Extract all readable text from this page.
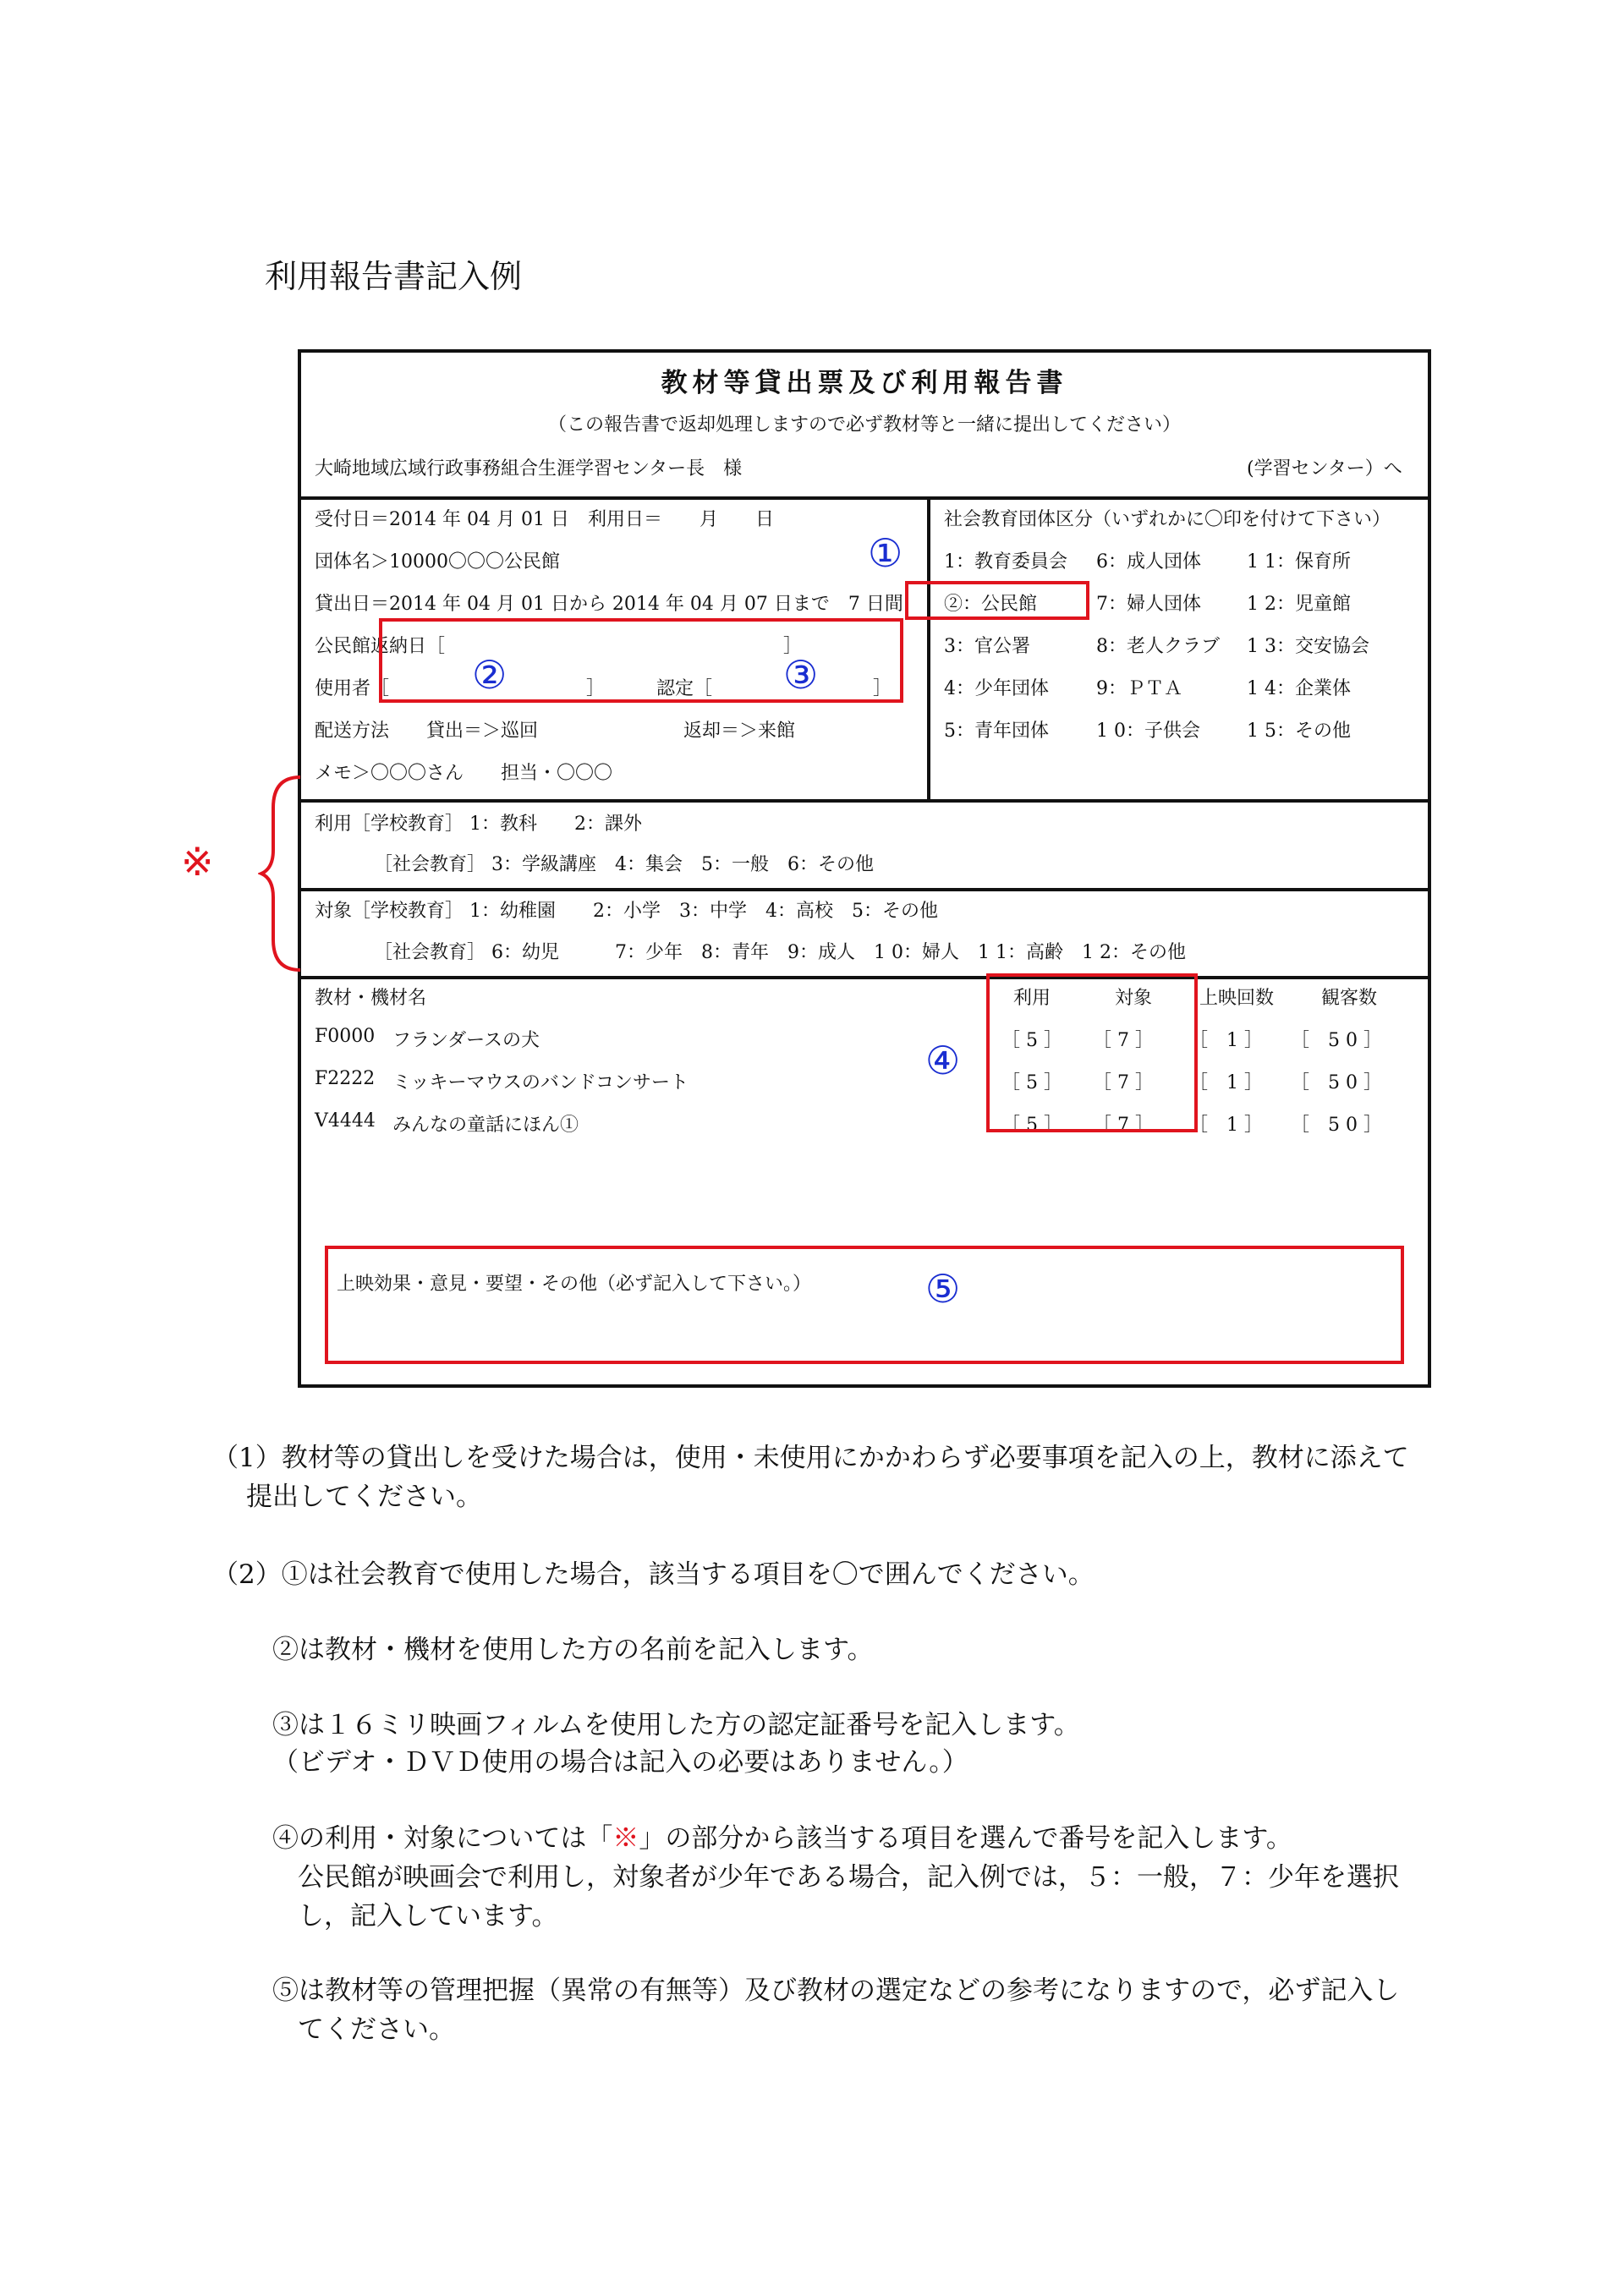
利用報告書記入例
教材等貸出票及び利用報告書
（この報告書で返却処理しますので必ず教材等と一緒に提出してください）
大崎地域広域行政事務組合生涯学習センター長　様	(学習センター）へ
受付日＝2014 年 04 月 01 日　利用日＝　　月　　日
団体名＞10000〇〇〇公民館
貸出日＝2014 年 04 月 01 日から 2014 年 04 月 07 日まで　7 日間
公民館返納日［	］
使用者［	］	認定［	］
配送方法　　貸出＝＞巡回	返却＝＞来館
メモ＞〇〇〇さん　　担当・〇〇〇
社会教育団体区分（いずれかに〇印を付けて下さい）
1：教育委員会 6：成人団体 1 1：保育所
②：公民館	7：婦人団体 1 2：児童館
3：官公署	8：老人クラブ 1 3：交安協会
4：少年団体	9：ＰＴＡ	1 4：企業体
5：青年団体	1 0：子供会	1 5：その他
利用［学校教育］ 1：教科　　2：課外
［社会教育］ 3：学級講座　4：集会　5：一般　6：その他
対象［学校教育］ 1：幼稚園　　2：小学　3：中学　4：高校　5：その他
［社会教育］ 6：幼児　　　7：少年　8：青年　9：成人　1 0：婦人　1 1：高齢　1 2：その他
教材・機材名	利用	対象	上映回数	観客数
F0000 フランダースの犬	［ 5 ］ ［ 7 ］ ［　1 ］ ［　5 0 ］
F2222 ミッキーマウスのバンドコンサート	［ 5 ］ ［ 7 ］ ［　1 ］ ［　5 0 ］
V4444 みんなの童話にほん①	［ 5 ］ ［ 7 ］ ［　1 ］ ［　5 0 ］
上映効果・意見・要望・その他（必ず記入して下さい。）
①
②	③
④
⑤
※
（1）教材等の貸出しを受けた場合は，使用・未使用にかかわらず必要事項を記入の上，教材に添えて
提出してください。
（2）①は社会教育で使用した場合，該当する項目を〇で囲んでください。
②は教材・機材を使用した方の名前を記入します。
③は１６ミリ映画フィルムを使用した方の認定証番号を記入します。
（ビデオ・ＤＶＤ使用の場合は記入の必要はありません。）
④の利用・対象については「※」の部分から該当する項目を選んで番号を記入します。
公民館が映画会で利用し，対象者が少年である場合，記入例では，５：一般，７：少年を選択
し，記入しています。
⑤は教材等の管理把握（異常の有無等）及び教材の選定などの参考になりますので，必ず記入し
てください。
